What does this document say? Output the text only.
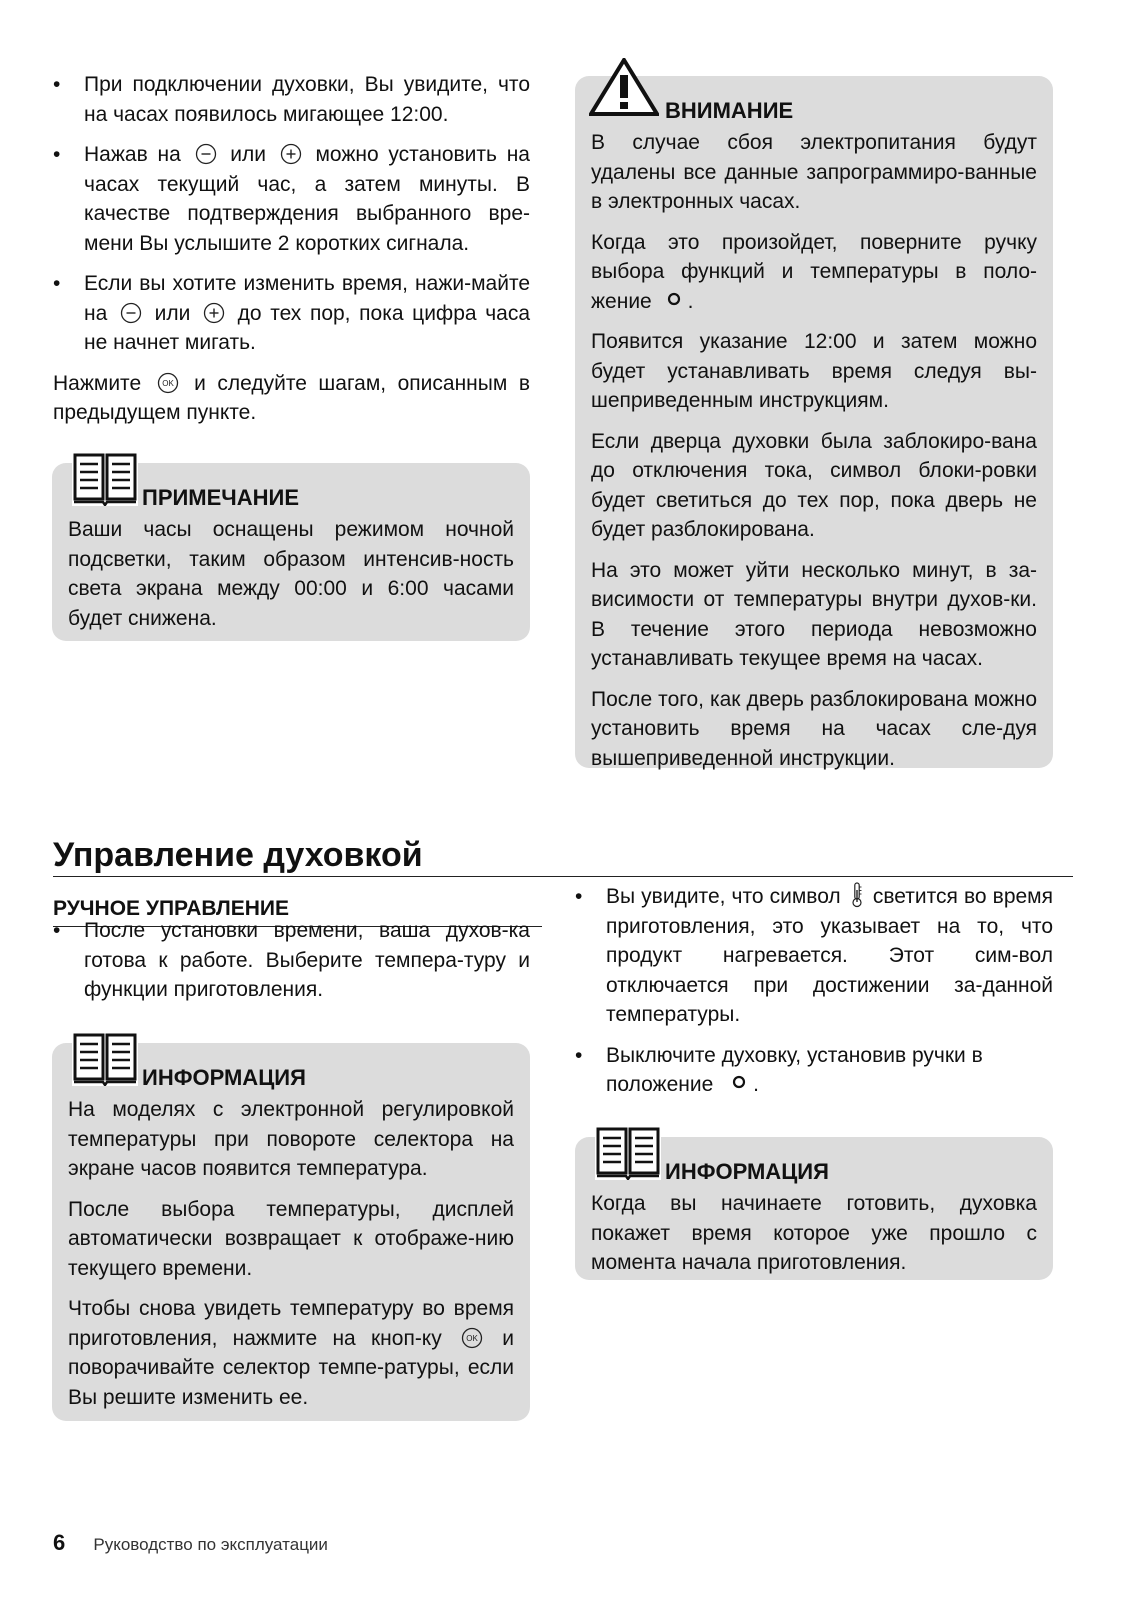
• При подключении духовки, Вы увидите, что на часах появилось мигающее 12:00.
• Нажав на или можно установить на часах текущий час, а затем минуты. В качестве подтверждения выбранного вре-мени Вы услышите 2 коротких сигнала.
• Если вы хотите изменить время, нажи-майте на или до тех пор, пока цифра часа не начнет мигать.
Нажмите	OK и следуйте шагам, описанным в предыдущем пункте.
ПРИМЕЧАНИЕ
Ваши часы оснащены режимом ночной подсветки, таким образом интенсив-ность света экрана между 00:00 и 6:00 часами будет снижена.
ВНИМАНИЕ
В случае сбоя электропитания будут удалены все данные запрограммиро-ванные в электронных часах.
Когда это произойдет, поверните ручку выбора функций и температуры в поло-жение .
Появится указание 12:00 и затем можно будет устанавливать время следуя вы-шеприведенным инструкциям.
Если дверца духовки была заблокиро-вана до отключения тока, символ блоки-ровки будет светиться до тех пор, пока дверь не будет разблокирована.
На это может уйти несколько минут, в за-висимости от температуры внутри духов-ки. В течение этого периода невозможно устанавливать текущее время на часах.
После того, как дверь разблокирована можно установить время на часах сле-дуя вышеприведенной инструкции.
Управление духовкой
РУЧНОЕ УПРАВЛЕНИЕ
• После установки времени, ваша духов-ка готова к работе. Выберите темпера-туру и функции приготовления.
ИНФОРМАЦИЯ
На моделях с электронной регулировкой температуры при повороте селектора на экране часов появится температура.
После выбора температуры, дисплей автоматически возвращает к отображе-нию текущего времени.
Чтобы снова увидеть температуру во время приготовления, нажмите на кноп-ку	OK и поворачивайте селектор темпе-ратуры, если Вы решите изменить ее.
• Вы увидите, что символ светится во время приготовления, это указывает на то, что продукт нагревается. Этот сим-вол отключается при достижении за-данной температуры.
• Выключите духовку, установив ручки в положение .
ИНФОРМАЦИЯ
Когда вы начинаете готовить, духовка покажет время которое уже прошло с момента начала приготовления.
6 Руководство по эксплуатации
